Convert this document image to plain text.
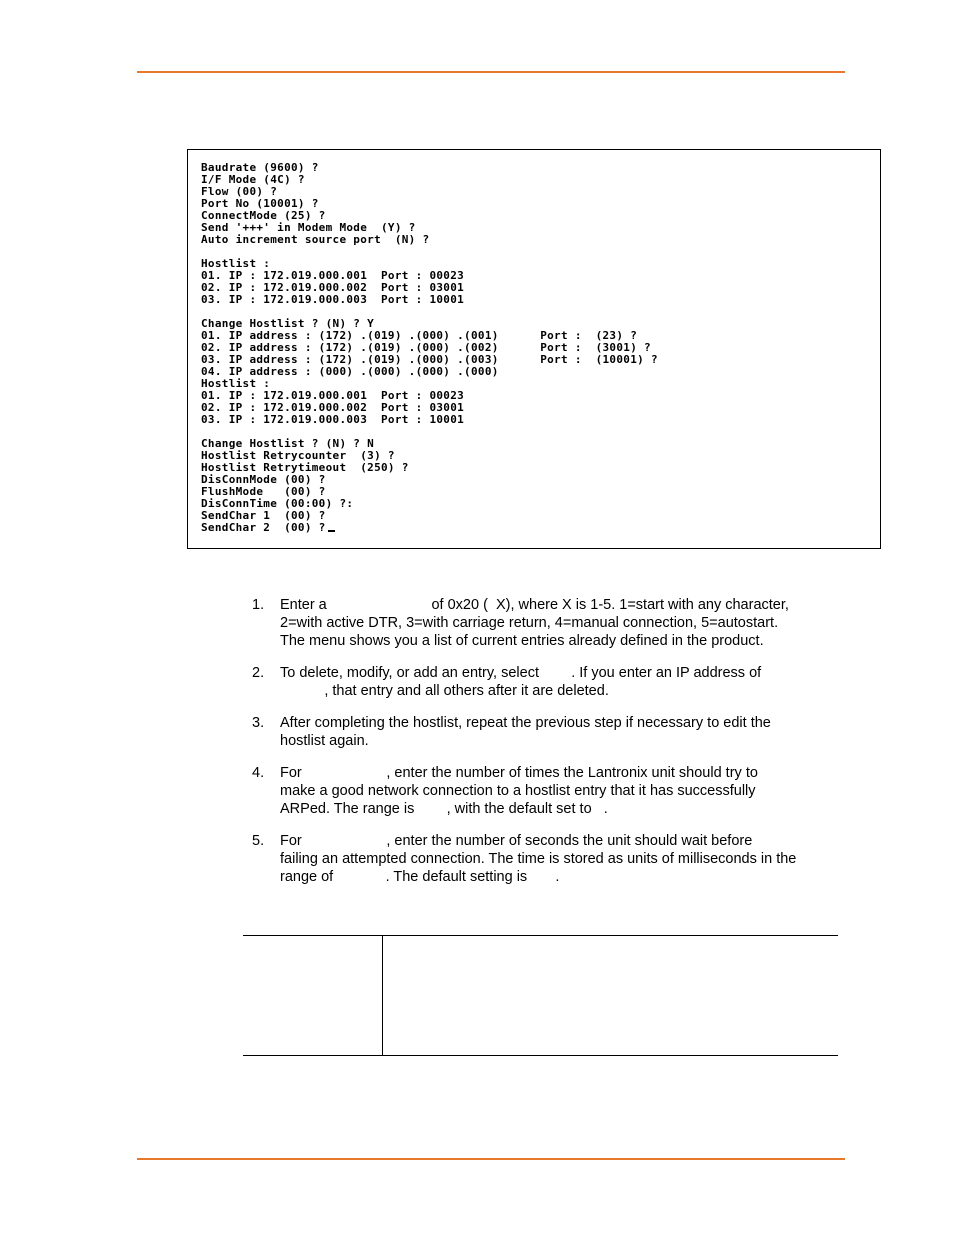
Baudrate (9600) ?
I/F Mode (4C) ?
Flow (00) ?
Port No (10001) ?
ConnectMode (25) ?
Send '+++' in Modem Mode  (Y) ?
Auto increment source port  (N) ?
Hostlist :
01. IP : 172.019.000.001  Port : 00023
02. IP : 172.019.000.002  Port : 03001
03. IP : 172.019.000.003  Port : 10001
Change Hostlist ? (N) ? Y
01. IP address : (172) .(019) .(000) .(001)      Port :  (23) ?
02. IP address : (172) .(019) .(000) .(002)      Port :  (3001) ?
03. IP address : (172) .(019) .(000) .(003)      Port :  (10001) ?
04. IP address : (000) .(000) .(000) .(000)
Hostlist :
01. IP : 172.019.000.001  Port : 00023
02. IP : 172.019.000.002  Port : 03001
03. IP : 172.019.000.003  Port : 10001
Change Hostlist ? (N) ? N
Hostlist Retrycounter  (3) ?
Hostlist Retrytimeout  (250) ?
DisConnMode (00) ?
FlushMode   (00) ?
DisConnTime (00:00) ?:
SendChar 1  (00) ?
SendChar 2  (00) ?
1. Enter a                          of 0x20 (  X), where X is 1-5. 1=start with any character,
2=with active DTR, 3=with carriage return, 4=manual connection, 5=autostart.
The menu shows you a list of current entries already defined in the product.
2. To delete, modify, or add an entry, select        . If you enter an IP address of
, that entry and all others after it are deleted.
3. After completing the hostlist, repeat the previous step if necessary to edit the
hostlist again.
4. For                     , enter the number of times the Lantronix unit should try to
make a good network connection to a hostlist entry that it has successfully
ARPed. The range is        , with the default set to   .
5. For                     , enter the number of seconds the unit should wait before
failing an attempted connection. The time is stored as units of milliseconds in the
range of             . The default setting is       .
